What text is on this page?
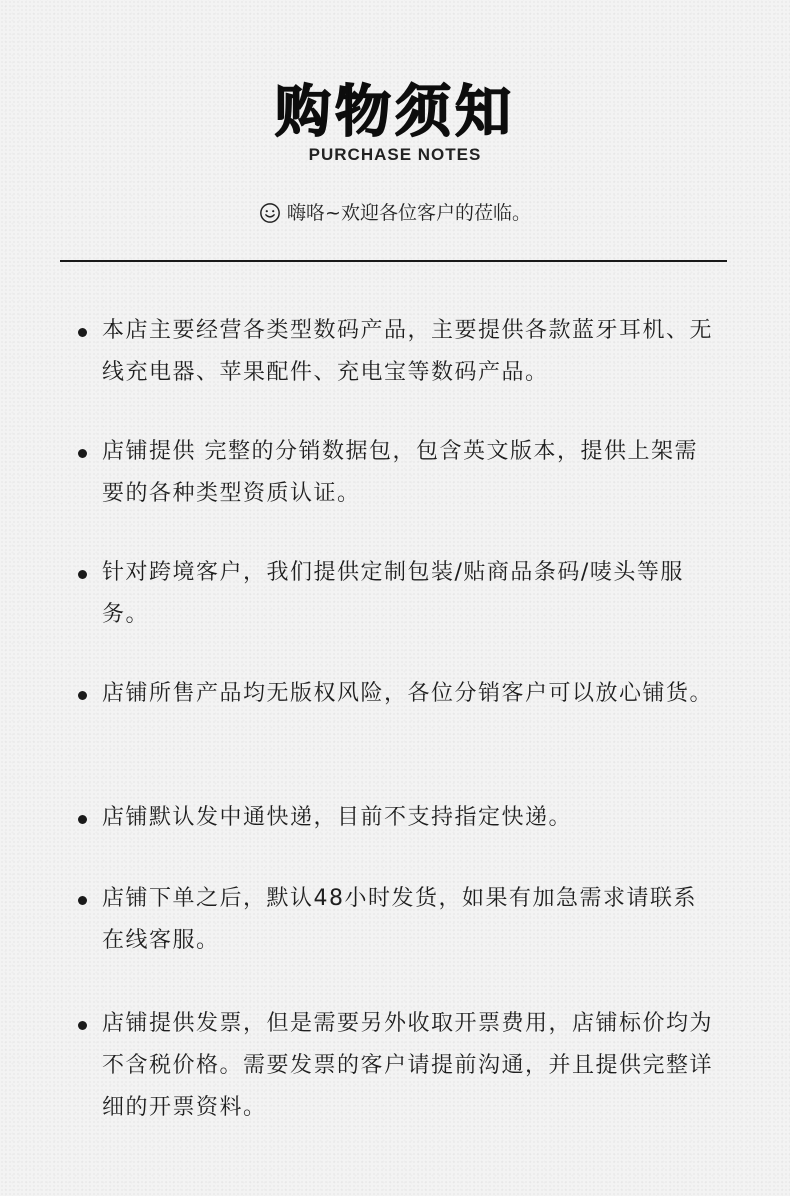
购物须知
PURCHASE NOTES
嗨咯~欢迎各位客户的莅临。
本店主要经营各类型数码产品，主要提供各款蓝牙耳机、无线充电器、苹果配件、充电宝等数码产品。
店铺提供 完整的分销数据包，包含英文版本，提供上架需要的各种类型资质认证。
针对跨境客户，我们提供定制包装/贴商品条码/唛头等服务。
店铺所售产品均无版权风险，各位分销客户可以放心铺货。
店铺默认发中通快递，目前不支持指定快递。
店铺下单之后，默认48小时发货，如果有加急需求请联系在线客服。
店铺提供发票，但是需要另外收取开票费用，店铺标价均为不含税价格。需要发票的客户请提前沟通，并且提供完整详细的开票资料。
